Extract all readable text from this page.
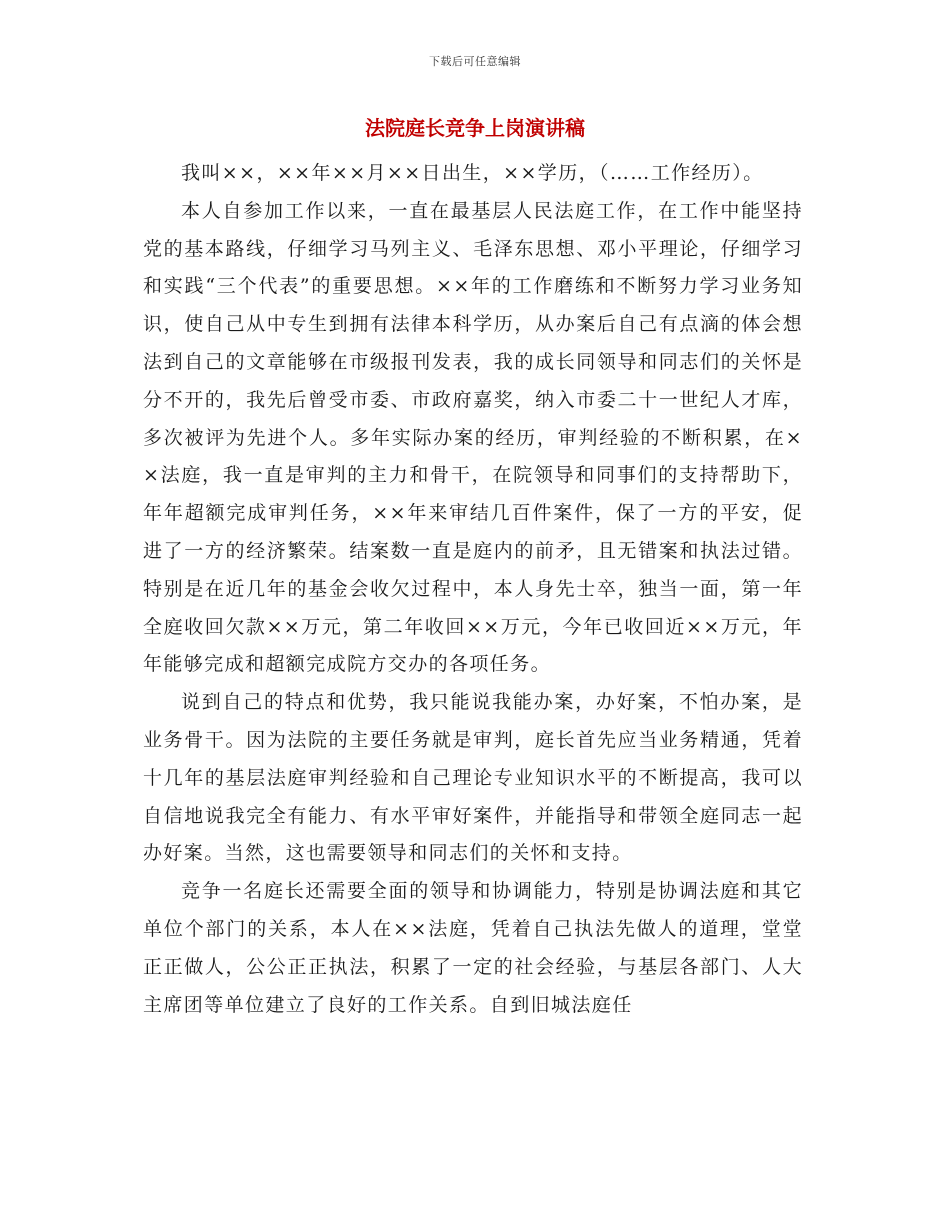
下载后可任意编辑
法院庭长竞争上岗演讲稿

我叫××，××年××月××日出生，××学历，（……工作经历）。

本人自参加工作以来，一直在最基层人民法庭工作，在工作中能坚持党的基本路线，仔细学习马列主义、毛泽东思想、邓小平理论，仔细学习和实践“三个代表”的重要思想。××年的工作磨练和不断努力学习业务知识，使自己从中专生到拥有法律本科学历，从办案后自己有点滴的体会想法到自己的文章能够在市级报刊发表，我的成长同领导和同志们的关怀是分不开的，我先后曾受市委、市政府嘉奖，纳入市委二十一世纪人才库，多次被评为先进个人。多年实际办案的经历，审判经验的不断积累，在××法庭，我一直是审判的主力和骨干，在院领导和同事们的支持帮助下，年年超额完成审判任务，××年来审结几百件案件，保了一方的平安，促进了一方的经济繁荣。结案数一直是庭内的前矛，且无错案和执法过错。特别是在近几年的基金会收欠过程中，本人身先士卒，独当一面，第一年全庭收回欠款××万元，第二年收回××万元，今年已收回近××万元，年年能够完成和超额完成院方交办的各项任务。

说到自己的特点和优势，我只能说我能办案，办好案，不怕办案，是业务骨干。因为法院的主要任务就是审判，庭长首先应当业务精通，凭着十几年的基层法庭审判经验和自己理论专业知识水平的不断提高，我可以自信地说我完全有能力、有水平审好案件，并能指导和带领全庭同志一起办好案。当然，这也需要领导和同志们的关怀和支持。

竞争一名庭长还需要全面的领导和协调能力，特别是协调法庭和其它单位个部门的关系，本人在××法庭，凭着自己执法先做人的道理，堂堂正正做人，公公正正执法，积累了一定的社会经验，与基层各部门、人大主席团等单位建立了良好的工作关系。自到旧城法庭任
